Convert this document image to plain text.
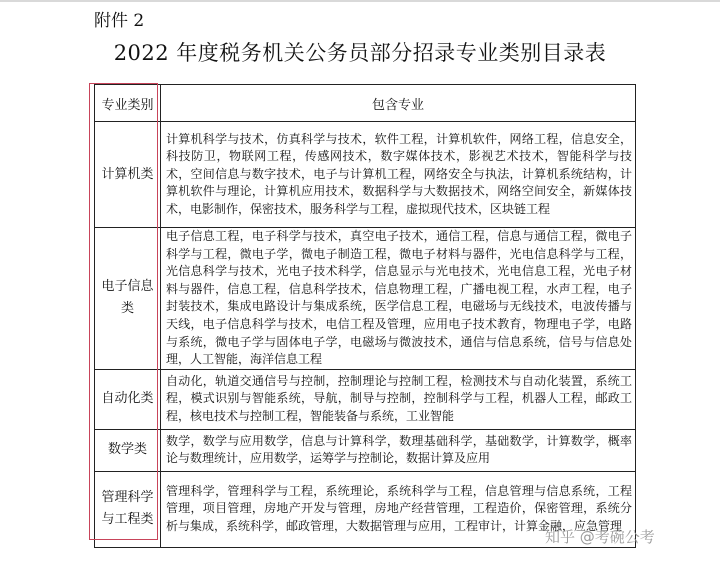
附件 2
2022 年度税务机关公务员部分招录专业类别目录表
专业类别	包含专业
计算机类	计算机科学与技术，仿真科学与技术，软件工程，计算机软件，网络工程，信息安全，科技防卫，物联网工程，传感网技术，数字媒体技术，影视艺术技术，智能科学与技术，空间信息与数字技术，电子与计算机工程，网络安全与执法，计算机系统结构，计算机软件与理论，计算机应用技术，数据科学与大数据技术，网络空间安全，新媒体技术，电影制作，保密技术，服务科学与工程，虚拟现代技术，区块链工程
电子信息类	电子信息工程，电子科学与技术，真空电子技术，通信工程，信息与通信工程，微电子科学与工程，微电子学，微电子制造工程，微电子材料与器件，光电信息科学与工程，光信息科学与技术，光电子技术科学，信息显示与光电技术，光电信息工程，光电子材料与器件，信息工程，信息科学技术，信息物理工程，广播电视工程，水声工程，电子封装技术，集成电路设计与集成系统，医学信息工程，电磁场与无线技术，电波传播与天线，电子信息科学与技术，电信工程及管理，应用电子技术教育，物理电子学，电路与系统，微电子学与固体电子学，电磁场与微波技术，通信与信息系统，信号与信息处理，人工智能，海洋信息工程
自动化类	自动化，轨道交通信号与控制，控制理论与控制工程，检测技术与自动化装置，系统工程，模式识别与智能系统，导航，制导与控制，控制科学与工程，机器人工程，邮政工程，核电技术与控制工程，智能装备与系统，工业智能
数学类	数学，数学与应用数学，信息与计算科学，数理基础科学，基础数学，计算数学，概率论与数理统计，应用数学，运筹学与控制论，数据计算及应用
管理科学与工程类	管理科学，管理科学与工程，系统理论，系统科学与工程，信息管理与信息系统，工程管理，项目管理，房地产开发与管理，房地产经营管理，工程造价，保密管理，系统分析与集成，系统科学，邮政管理，大数据管理与应用，工程审计，计算金融，应急管理
知乎 @考碗公考
